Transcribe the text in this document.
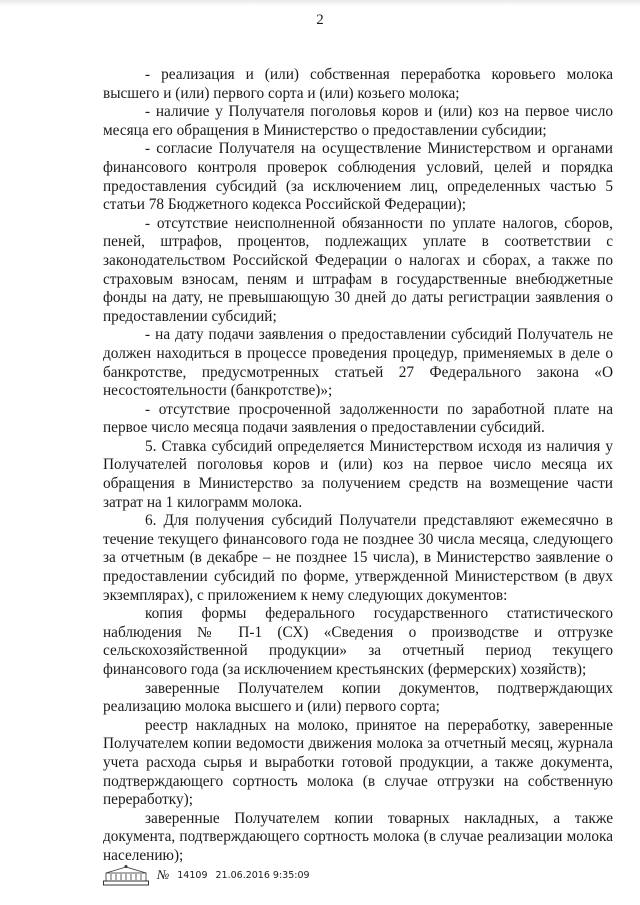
2

- реализация и (или) собственная переработка коровьего молока высшего и (или) первого сорта и (или) козьего молока;

- наличие у Получателя поголовья коров и (или) коз на первое число месяца его обращения в Министерство о предоставлении субсидии;

- согласие Получателя на осуществление Министерством и органами финансового контроля проверок соблюдения условий, целей и порядка предоставления субсидий (за исключением лиц, определенных частью 5 статьи 78 Бюджетного кодекса Российской Федерации);

- отсутствие неисполненной обязанности по уплате налогов, сборов, пеней, штрафов, процентов, подлежащих уплате в соответствии с законодательством Российской Федерации о налогах и сборах, а также по страховым взносам, пеням и штрафам в государственные внебюджетные фонды на дату, не превышающую 30 дней до даты регистрации заявления о предоставлении субсидий;

- на дату подачи заявления о предоставлении субсидий Получатель не должен находиться в процессе проведения процедур, применяемых в деле о банкротстве, предусмотренных статьей 27 Федерального закона «О несостоятельности (банкротстве)»;

- отсутствие просроченной задолженности по заработной плате на первое число месяца подачи заявления о предоставлении субсидий.

5. Ставка субсидий определяется Министерством исходя из наличия у Получателей поголовья коров и (или) коз на первое число месяца их обращения в Министерство за получением средств на возмещение части затрат на 1 килограмм молока.

6. Для получения субсидий Получатели представляют ежемесячно в течение текущего финансового года не позднее 30 числа месяца, следующего за отчетным (в декабре – не позднее 15 числа), в Министерство заявление о предоставлении субсидий по форме, утвержденной Министерством (в двух экземплярах), с приложением к нему следующих документов:

копия формы федерального государственного статистического наблюдения № П-1 (СХ) «Сведения о производстве и отгрузке сельскохозяйственной продукции» за отчетный период текущего финансового года (за исключением крестьянских (фермерских) хозяйств);

заверенные Получателем копии документов, подтверждающих реализацию молока высшего и (или) первого сорта;

реестр накладных на молоко, принятое на переработку, заверенные Получателем копии ведомости движения молока за отчетный месяц, журнала учета расхода сырья и выработки готовой продукции, а также документа, подтверждающего сортность молока (в случае отгрузки на собственную переработку);

заверенные Получателем копии товарных накладных, а также документа, подтверждающего сортность молока (в случае реализации молока населению);

№ 14109 21.06.2016 9:35:09
